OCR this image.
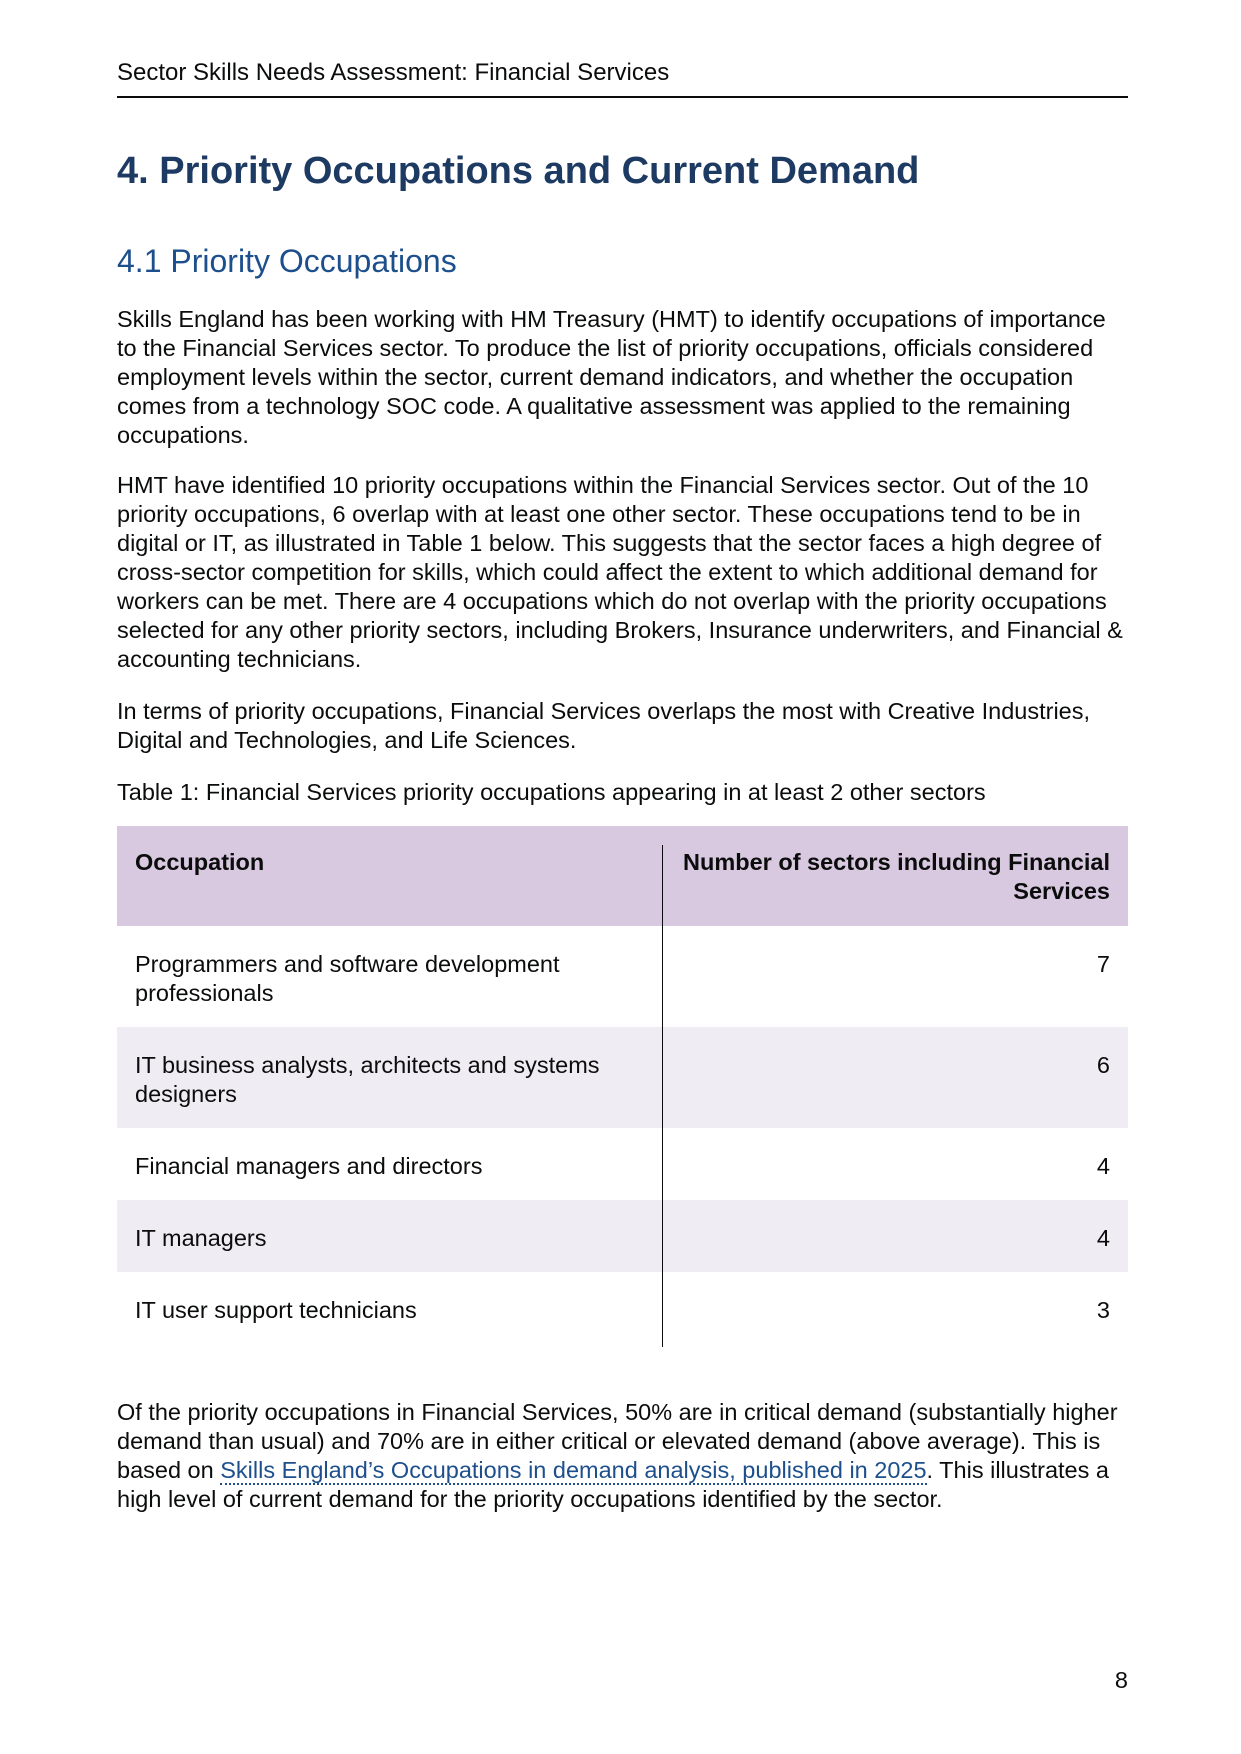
Sector Skills Needs Assessment: Financial Services
4. Priority Occupations and Current Demand
4.1 Priority Occupations

Skills England has been working with HM Treasury (HMT) to identify occupations of importance to the Financial Services sector. To produce the list of priority occupations, officials considered employment levels within the sector, current demand indicators, and whether the occupation comes from a technology SOC code. A qualitative assessment was applied to the remaining occupations.

HMT have identified 10 priority occupations within the Financial Services sector. Out of the 10 priority occupations, 6 overlap with at least one other sector. These occupations tend to be in digital or IT, as illustrated in Table 1 below. This suggests that the sector faces a high degree of cross-sector competition for skills, which could affect the extent to which additional demand for workers can be met. There are 4 occupations which do not overlap with the priority occupations selected for any other priority sectors, including Brokers, Insurance underwriters, and Financial & accounting technicians.

In terms of priority occupations, Financial Services overlaps the most with Creative Industries, Digital and Technologies, and Life Sciences.

Table 1: Financial Services priority occupations appearing in at least 2 other sectors

Occupation	Number of sectors including Financial Services
Programmers and software development professionals	7
IT business analysts, architects and systems designers	6
Financial managers and directors	4
IT managers	4
IT user support technicians	3

Of the priority occupations in Financial Services, 50% are in critical demand (substantially higher demand than usual) and 70% are in either critical or elevated demand (above average). This is based on Skills England’s Occupations in demand analysis, published in 2025. This illustrates a high level of current demand for the priority occupations identified by the sector.

8
